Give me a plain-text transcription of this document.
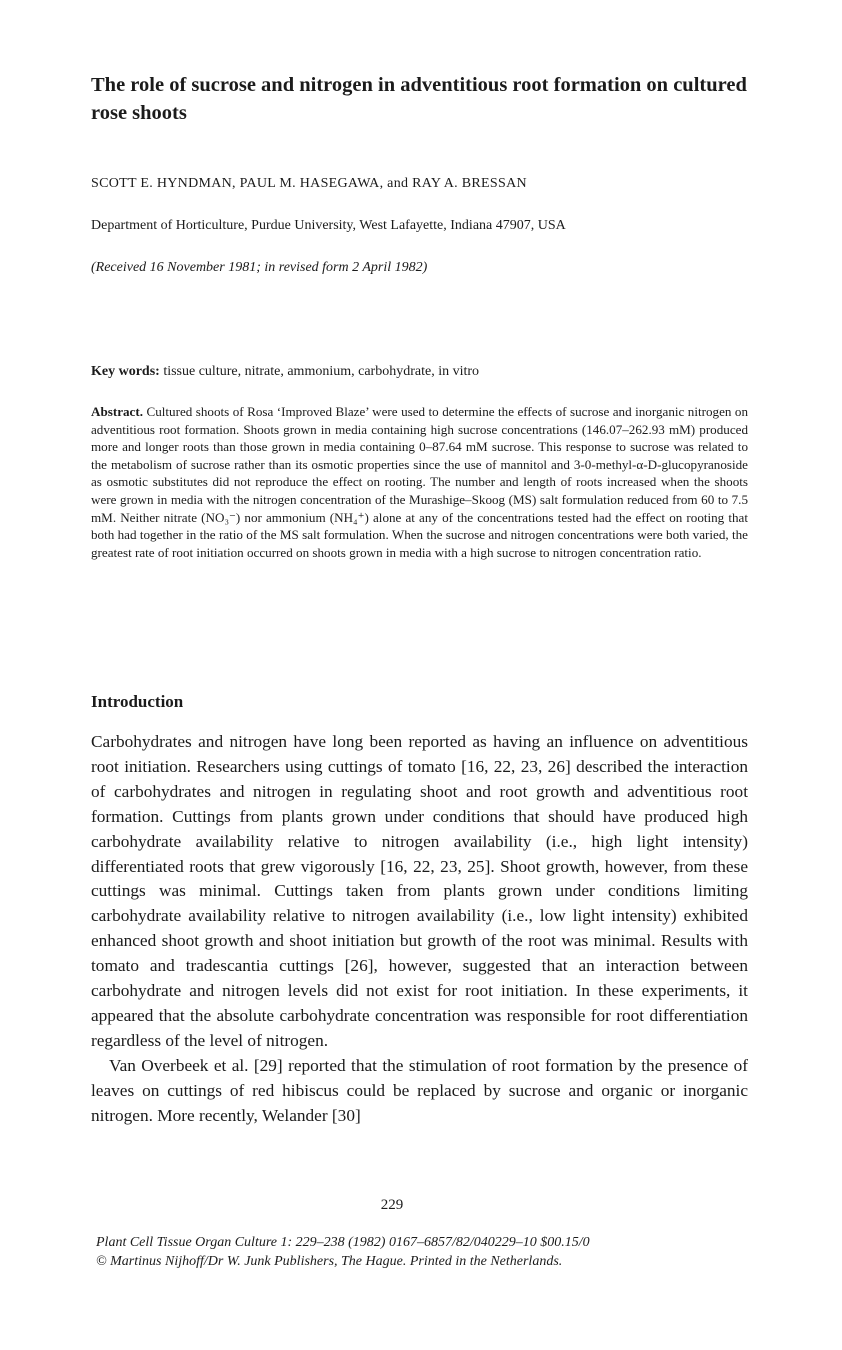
The role of sucrose and nitrogen in adventitious root formation on cultured rose shoots
SCOTT E. HYNDMAN, PAUL M. HASEGAWA, and RAY A. BRESSAN
Department of Horticulture, Purdue University, West Lafayette, Indiana 47907, USA
(Received 16 November 1981; in revised form 2 April 1982)
Key words: tissue culture, nitrate, ammonium, carbohydrate, in vitro

Abstract. Cultured shoots of Rosa ‘Improved Blaze’ were used to determine the effects of sucrose and inorganic nitrogen on adventitious root formation. Shoots grown in media containing high sucrose concentrations (146.07–262.93 mM) produced more and longer roots than those grown in media containing 0–87.64 mM sucrose. This response to sucrose was related to the metabolism of sucrose rather than its osmotic properties since the use of mannitol and 3-0-methyl-α-D-glucopyranoside as osmotic substitutes did not reproduce the effect on rooting. The number and length of roots increased when the shoots were grown in media with the nitrogen concentration of the Murashige–Skoog (MS) salt formulation reduced from 60 to 7.5 mM. Neither nitrate (NO₃⁻) nor ammonium (NH₄⁺) alone at any of the concentrations tested had the effect on rooting that both had together in the ratio of the MS salt formulation. When the sucrose and nitrogen concentrations were both varied, the greatest rate of root initiation occurred on shoots grown in media with a high sucrose to nitrogen concentration ratio.

Introduction

Carbohydrates and nitrogen have long been reported as having an influence on adventitious root initiation. Researchers using cuttings of tomato [16, 22, 23, 26] described the interaction of carbohydrates and nitrogen in regulating shoot and root growth and adventitious root formation. Cuttings from plants grown under conditions that should have produced high carbohydrate availability relative to nitrogen availability (i.e., high light intensity) differentiated roots that grew vigorously [16, 22, 23, 25]. Shoot growth, however, from these cuttings was minimal. Cuttings taken from plants grown under conditions limiting carbohydrate availability relative to nitrogen availability (i.e., low light intensity) exhibited enhanced shoot growth and shoot initiation but growth of the root was minimal. Results with tomato and tradescantia cuttings [26], however, suggested that an interaction between carbohydrate and nitrogen levels did not exist for root initiation. In these experiments, it appeared that the absolute carbohydrate concentration was responsible for root differentiation regardless of the level of nitrogen.

Van Overbeek et al. [29] reported that the stimulation of root formation by the presence of leaves on cuttings of red hibiscus could be replaced by sucrose and organic or inorganic nitrogen. More recently, Welander [30]

229
Plant Cell Tissue Organ Culture 1: 229–238 (1982) 0167–6857/82/040229–10 $00.15/0
© Martinus Nijhoff/Dr W. Junk Publishers, The Hague. Printed in the Netherlands.
